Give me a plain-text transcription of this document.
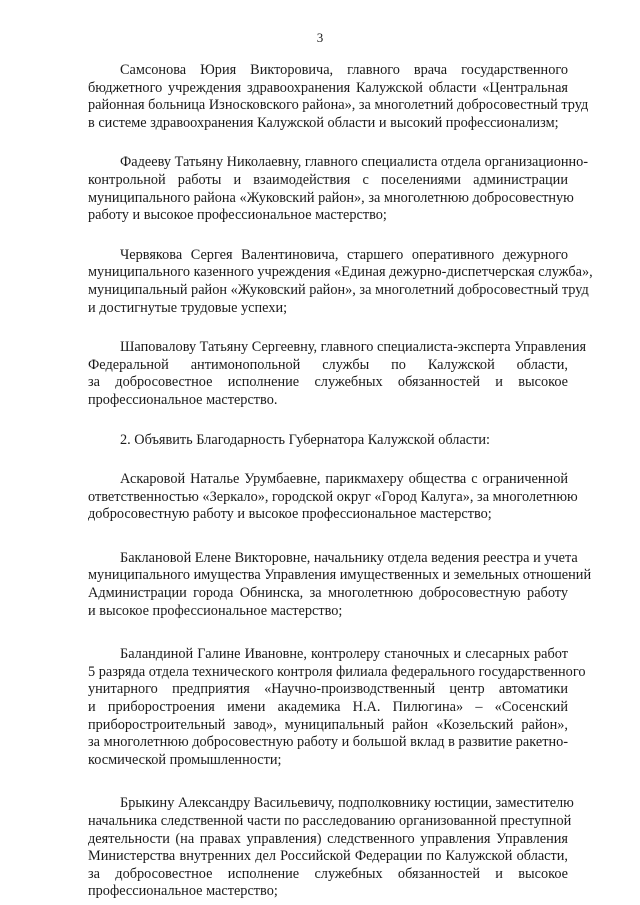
3
Самсонова Юрия Викторовича, главного врача государственного
бюджетного учреждения здравоохранения Калужской области «Центральная
районная больница Износковского района», за многолетний добросовестный труд
в системе здравоохранения Калужской области и высокий профессионализм;
Фадееву Татьяну Николаевну, главного специалиста отдела организационно-
контрольной работы и взаимодействия с поселениями администрации
муниципального района «Жуковский район», за многолетнюю добросовестную
работу и высокое профессиональное мастерство;
Червякова Сергея Валентиновича, старшего оперативного дежурного
муниципального казенного учреждения «Единая дежурно-диспетчерская служба»,
муниципальный район «Жуковский район», за многолетний добросовестный труд
и достигнутые трудовые успехи;
Шаповалову Татьяну Сергеевну, главного специалиста-эксперта Управления
Федеральной антимонопольной службы по Калужской области,
за добросовестное исполнение служебных обязанностей и высокое
профессиональное мастерство.
2. Объявить Благодарность Губернатора Калужской области:
Аскаровой Наталье Урумбаевне, парикмахеру общества с ограниченной
ответственностью «Зеркало», городской округ «Город Калуга», за многолетнюю
добросовестную работу и высокое профессиональное мастерство;
Баклановой Елене Викторовне, начальнику отдела ведения реестра и учета
муниципального имущества Управления имущественных и земельных отношений
Администрации города Обнинска, за многолетнюю добросовестную работу
и высокое профессиональное мастерство;
Баландиной Галине Ивановне, контролеру станочных и слесарных работ
5 разряда отдела технического контроля филиала федерального государственного
унитарного предприятия «Научно-производственный центр автоматики
и приборостроения имени академика Н.А. Пилюгина» – «Сосенский
приборостроительный завод», муниципальный район «Козельский район»,
за многолетнюю добросовестную работу и большой вклад в развитие ракетно-
космической промышленности;
Брыкину Александру Васильевичу, подполковнику юстиции, заместителю
начальника следственной части по расследованию организованной преступной
деятельности (на правах управления) следственного управления Управления
Министерства внутренних дел Российской Федерации по Калужской области,
за добросовестное исполнение служебных обязанностей и высокое
профессиональное мастерство;
